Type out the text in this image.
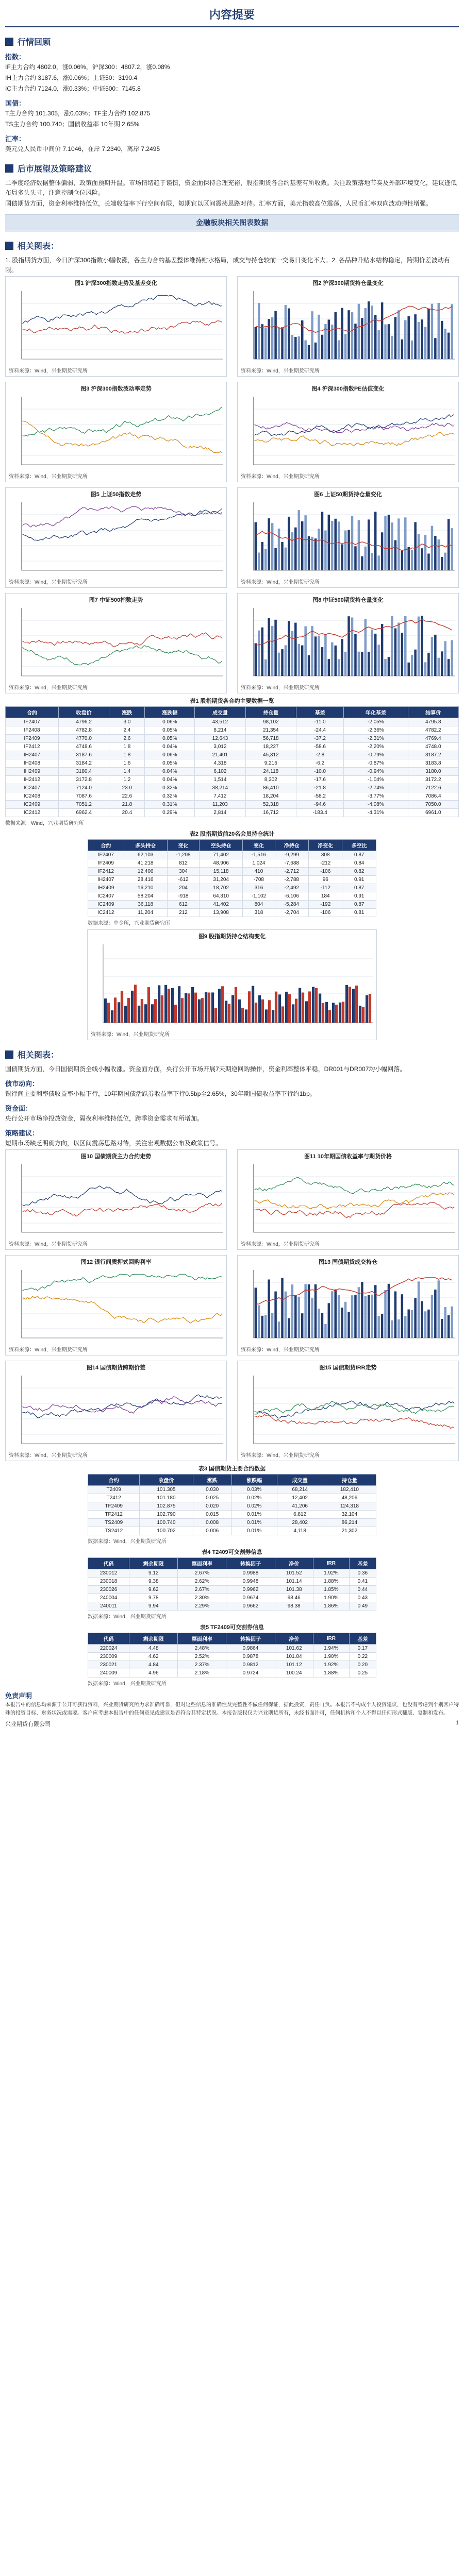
内容提要
行情回顾
指数：
IF主力合约 4802.0，涨0.06%，沪深300：4807.2，涨0.08%
IH主力合约 3187.6，涨0.06%；上证50：3190.4
IC主力合约 7124.0，涨0.33%；中证500：7145.8
国债：
T主力合约 101.305，涨0.03%；TF主力合约 102.875
TS主力合约 100.740；国债收益率 10年期 2.65%
汇率：
美元兑人民币中间价 7.1046，在岸 7.2340，离岸 7.2495
后市展望及策略建议

二季度经济数据整体偏弱，政策面预期升温。市场情绪趋于谨慎，资金面保持合理充裕，股指期货各合约基差有所收敛。关注政策落地节奏及外部环境变化，建议逢低布局多头头寸，注意控制仓位风险。

国债期货方面，资金利率维持低位，长端收益率下行空间有限，短期宜以区间震荡思路对待。汇率方面，美元指数高位震荡，人民币汇率双向波动弹性增强。

金融板块相关图表数据
相关图表：

1. 股指期货方面，今日沪深300指数小幅收涨，各主力合约基差整体维持贴水格局，成交与持仓较前一交易日变化不大。2. 各品种升贴水结构稳定，跨期价差波动有限。

图1 沪深300指数走势及基差变化
资料来源：Wind，兴业期货研究所
图2 沪深300期货持仓量变化
资料来源：Wind，兴业期货研究所
图3 沪深300指数波动率走势
资料来源：Wind，兴业期货研究所
图4 沪深300指数PE估值变化
资料来源：Wind，兴业期货研究所
图5 上证50指数走势
资料来源：Wind，兴业期货研究所
图6 上证50期货持仓量变化
资料来源：Wind，兴业期货研究所
图7 中证500指数走势
资料来源：Wind，兴业期货研究所
图8 中证500期货持仓量变化
资料来源：Wind，兴业期货研究所
表1 股指期货各合约主要数据一览
合约	收盘价	涨跌	涨跌幅	成交量	持仓量	基差	年化基差	结算价
IF2407	4796.2	3.0	0.06%	43,512	98,102	-11.0	-2.05%	4795.8
IF2408	4782.8	2.4	0.05%	8,214	21,354	-24.4	-2.36%	4782.2
IF2409	4770.0	2.6	0.05%	12,643	56,718	-37.2	-2.31%	4769.4
IF2412	4748.6	1.8	0.04%	3,012	18,227	-58.6	-2.20%	4748.0
IH2407	3187.6	1.8	0.06%	21,401	45,312	-2.8	-0.79%	3187.2
IH2408	3184.2	1.6	0.05%	4,318	9,216	-6.2	-0.87%	3183.8
IH2409	3180.4	1.4	0.04%	6,102	24,118	-10.0	-0.94%	3180.0
IH2412	3172.8	1.2	0.04%	1,514	8,302	-17.6	-1.04%	3172.2
IC2407	7124.0	23.0	0.32%	38,214	86,410	-21.8	-2.74%	7122.6
IC2408	7087.6	22.6	0.32%	7,412	18,204	-58.2	-3.77%	7086.4
IC2409	7051.2	21.8	0.31%	11,203	52,318	-94.6	-4.08%	7050.0
IC2412	6962.4	20.4	0.29%	2,814	16,712	-183.4	-4.31%	6961.0
数据来源：Wind，兴业期货研究所
表2 股指期货前20名会员持仓统计
合约	多头持仓	变化	空头持仓	变化	净持仓	净变化	多空比
IF2407	62,103	-1,208	71,402	-1,516	-9,299	308	0.87
IF2409	41,218	812	48,906	1,024	-7,688	-212	0.84
IF2412	12,406	304	15,118	410	-2,712	-106	0.82
IH2407	28,416	-612	31,204	-708	-2,788	96	0.91
IH2409	16,210	204	18,702	316	-2,492	-112	0.87
IC2407	58,204	-918	64,310	-1,102	-6,106	184	0.91
IC2409	36,118	612	41,402	804	-5,284	-192	0.87
IC2412	11,204	212	13,908	318	-2,704	-106	0.81
数据来源：中金所，兴业期货研究所
图9 股指期货持仓结构变化
资料来源：Wind，兴业期货研究所
相关图表：

国债期货方面，今日国债期货全线小幅收涨。资金面方面，央行公开市场开展7天期逆回购操作，资金利率整体平稳，DR001与DR007均小幅回落。

债市动向：
银行间主要利率债收益率小幅下行，10年期国债活跃券收益率下行0.5bp至2.65%，30年期国债收益率下行约1bp。
资金面：
央行公开市场净投放资金，隔夜利率维持低位，跨季资金需求有所增加。
策略建议：
短期市场缺乏明确方向，以区间震荡思路对待，关注宏观数据公布及政策信号。
图10 国债期货主力合约走势
资料来源：Wind，兴业期货研究所
图11 10年期国债收益率与期货价格
资料来源：Wind，兴业期货研究所
图12 银行间质押式回购利率
资料来源：Wind，兴业期货研究所
图13 国债期货成交持仓
资料来源：Wind，兴业期货研究所
图14 国债期货跨期价差
资料来源：Wind，兴业期货研究所
图15 国债期货IRR走势
资料来源：Wind，兴业期货研究所
表3 国债期货主要合约数据
合约	收盘价	涨跌	涨跌幅	成交量	持仓量
T2409	101.305	0.030	0.03%	68,214	182,410
T2412	101.180	0.025	0.02%	12,402	48,206
TF2409	102.875	0.020	0.02%	41,206	124,318
TF2412	102.790	0.015	0.01%	6,812	32,104
TS2409	100.740	0.008	0.01%	28,402	86,214
TS2412	100.702	0.006	0.01%	4,118	21,302
数据来源：Wind，兴业期货研究所
表4 T2409可交割券信息
代码	剩余期限	票面利率	转换因子	净价	IRR	基差
230012	9.12	2.67%	0.9988	101.52	1.92%	0.36
230018	9.38	2.62%	0.9948	101.14	1.88%	0.41
230026	9.62	2.67%	0.9962	101.38	1.85%	0.44
240004	9.78	2.30%	0.9674	98.46	1.90%	0.43
240011	9.94	2.29%	0.9662	98.38	1.86%	0.49
数据来源：Wind，兴业期货研究所
表5 TF2409可交割券信息
代码	剩余期限	票面利率	转换因子	净价	IRR	基差
220024	4.48	2.48%	0.9864	101.62	1.94%	0.17
230009	4.62	2.52%	0.9878	101.84	1.90%	0.22
230021	4.84	2.37%	0.9812	101.12	1.92%	0.20
240009	4.96	2.18%	0.9724	100.24	1.88%	0.25
数据来源：Wind，兴业期货研究所
免责声明
本报告中的信息均来源于公开可获得资料，兴业期货研究所力求准确可靠，但对这些信息的准确性及完整性不做任何保证，据此投资，责任自负。本报告不构成个人投资建议，也没有考虑到个别客户特殊的投资目标、财务状况或需要。客户应考虑本报告中的任何意见或建议是否符合其特定状况。本报告版权仅为兴业期货所有，未经书面许可，任何机构和个人不得以任何形式翻版、复制和发布。
兴业期货有限公司	1
